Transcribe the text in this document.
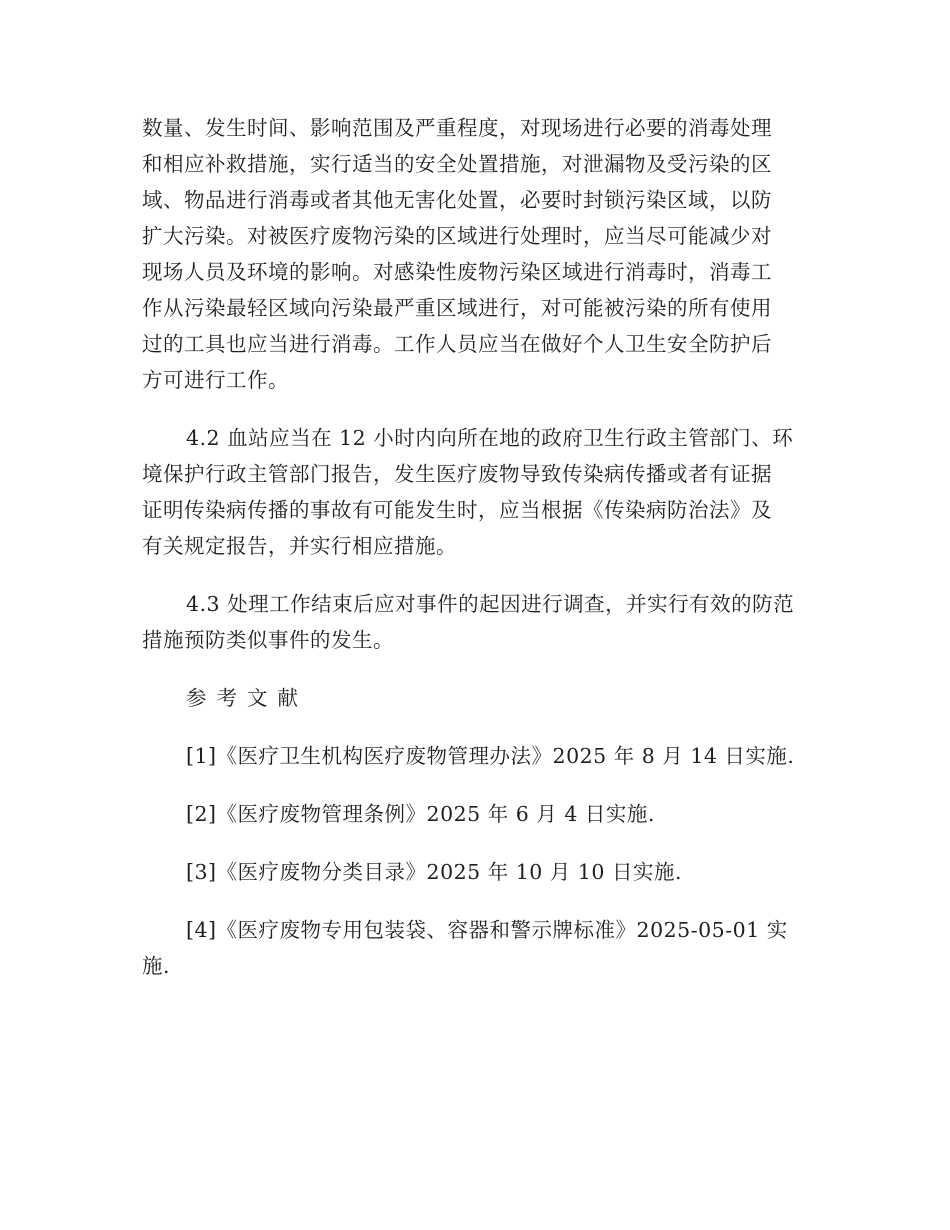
数量、发生时间、影响范围及严重程度，对现场进行必要的消毒处理
和相应补救措施，实行适当的安全处置措施，对泄漏物及受污染的区
域、物品进行消毒或者其他无害化处置，必要时封锁污染区域，以防
扩大污染。对被医疗废物污染的区域进行处理时，应当尽可能减少对
现场人员及环境的影响。对感染性废物污染区域进行消毒时，消毒工
作从污染最轻区域向污染最严重区域进行，对可能被污染的所有使用
过的工具也应当进行消毒。工作人员应当在做好个人卫生安全防护后
方可进行工作。

4.2 血站应当在 12 小时内向所在地的政府卫生行政主管部门、环
境保护行政主管部门报告，发生医疗废物导致传染病传播或者有证据
证明传染病传播的事故有可能发生时，应当根据《传染病防治法》及
有关规定报告，并实行相应措施。

4.3 处理工作结束后应对事件的起因进行调查，并实行有效的防范
措施预防类似事件的发生。

参考文献

[1]《医疗卫生机构医疗废物管理办法》2025 年 8 月 14 日实施.

[2]《医疗废物管理条例》2025 年 6 月 4 日实施.

[3]《医疗废物分类目录》2025 年 10 月 10 日实施.

[4]《医疗废物专用包装袋、容器和警示牌标准》2025-05-01 实
施.
